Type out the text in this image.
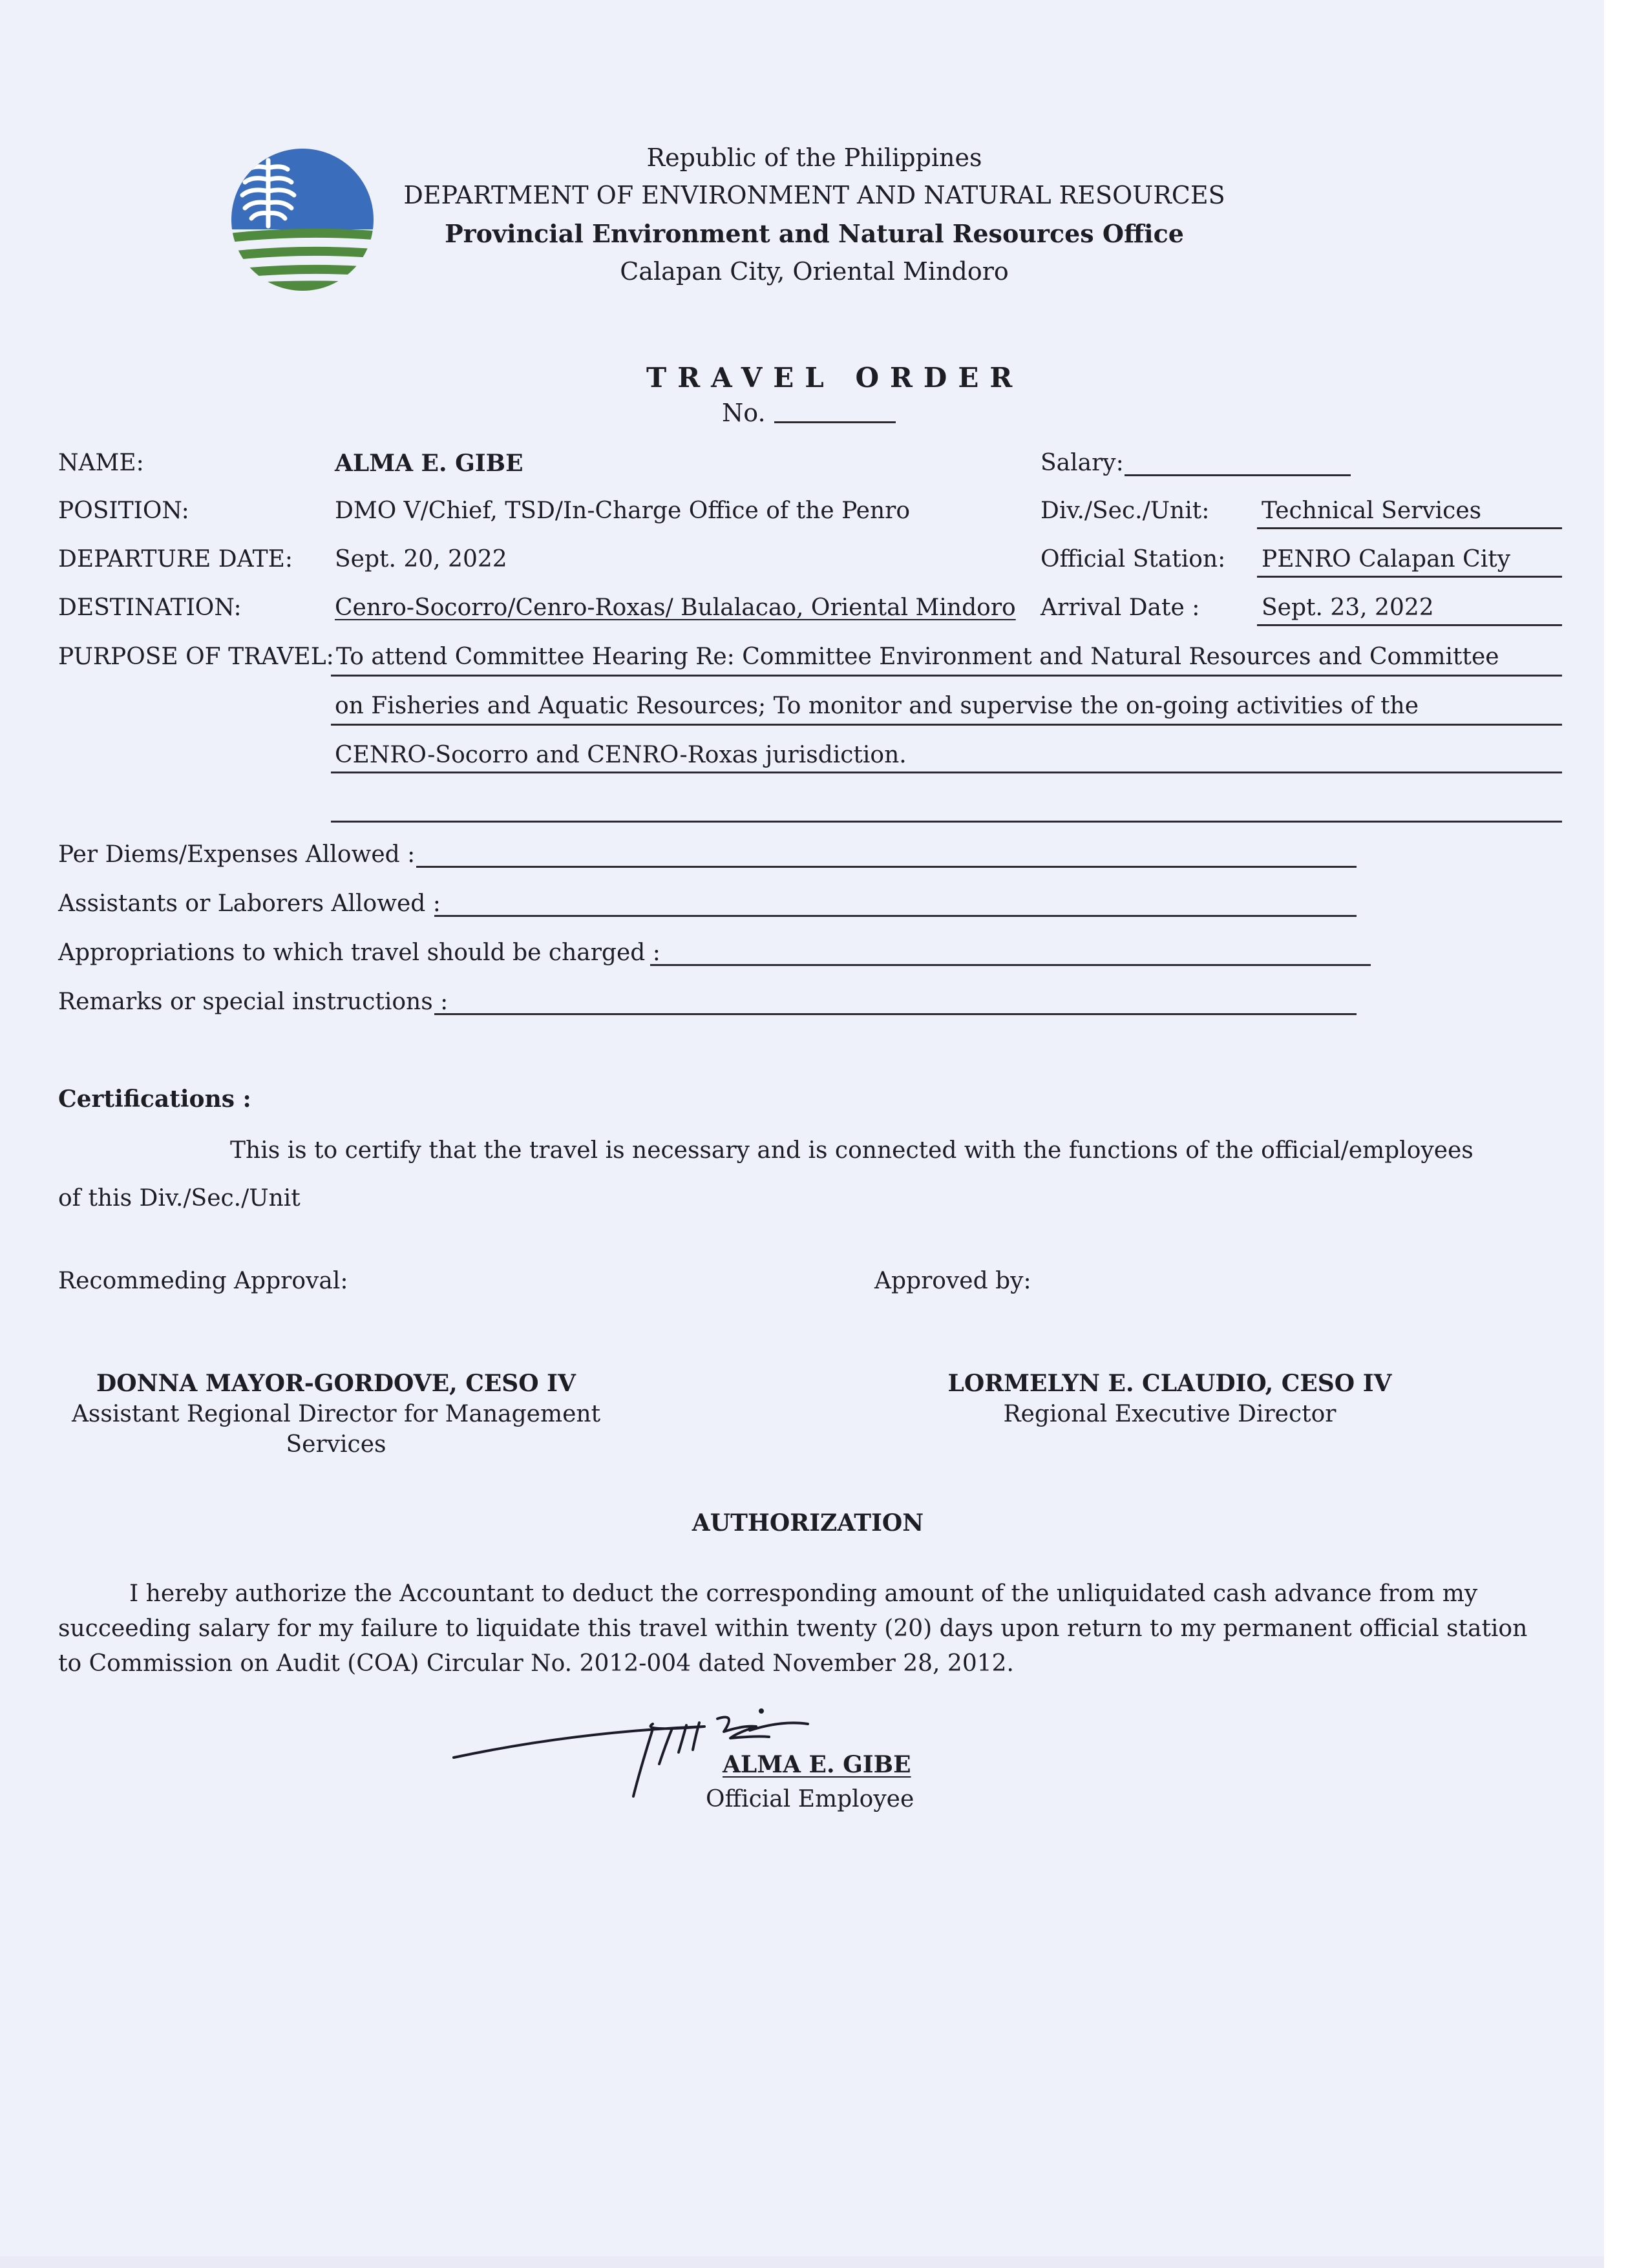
Republic of the Philippines
DEPARTMENT OF ENVIRONMENT AND NATURAL RESOURCES
Provincial Environment and Natural Resources Office
Calapan City, Oriental Mindoro
TRAVEL ORDER
No.
NAME:
POSITION:
DEPARTURE DATE:
DESTINATION:
PURPOSE OF TRAVEL:
ALMA E. GIBE
DMO V/Chief, TSD/In-Charge Office of the Penro
Sept. 20, 2022
Cenro-Socorro/Cenro-Roxas/ Bulalacao, Oriental Mindoro
To attend Committee Hearing Re: Committee Environment and Natural Resources and Committee
on Fisheries and Aquatic Resources; To monitor and supervise the on-going activities of the
CENRO-Socorro and CENRO-Roxas jurisdiction.
Salary:
Div./Sec./Unit: Technical Services
Official Station: PENRO Calapan City
Arrival Date :	Sept. 23, 2022
Per Diems/Expenses Allowed :
Assistants or Laborers Allowed :
Appropriations to which travel should be charged :
Remarks or special instructions :
Certifications :
This is to certify that the travel is necessary and is connected with the functions of the official/employees
of this Div./Sec./Unit
Recommeding Approval:	Approved by:
DONNA MAYOR-GORDOVE, CESO IV
Assistant Regional Director for Management
Services
LORMELYN E. CLAUDIO, CESO IV
Regional Executive Director
AUTHORIZATION
I hereby authorize the Accountant to deduct the corresponding amount of the unliquidated cash advance from my
succeeding salary for my failure to liquidate this travel within twenty (20) days upon return to my permanent official station
to Commission on Audit (COA) Circular No. 2012-004 dated November 28, 2012.
ALMA E. GIBE
Official Employee
